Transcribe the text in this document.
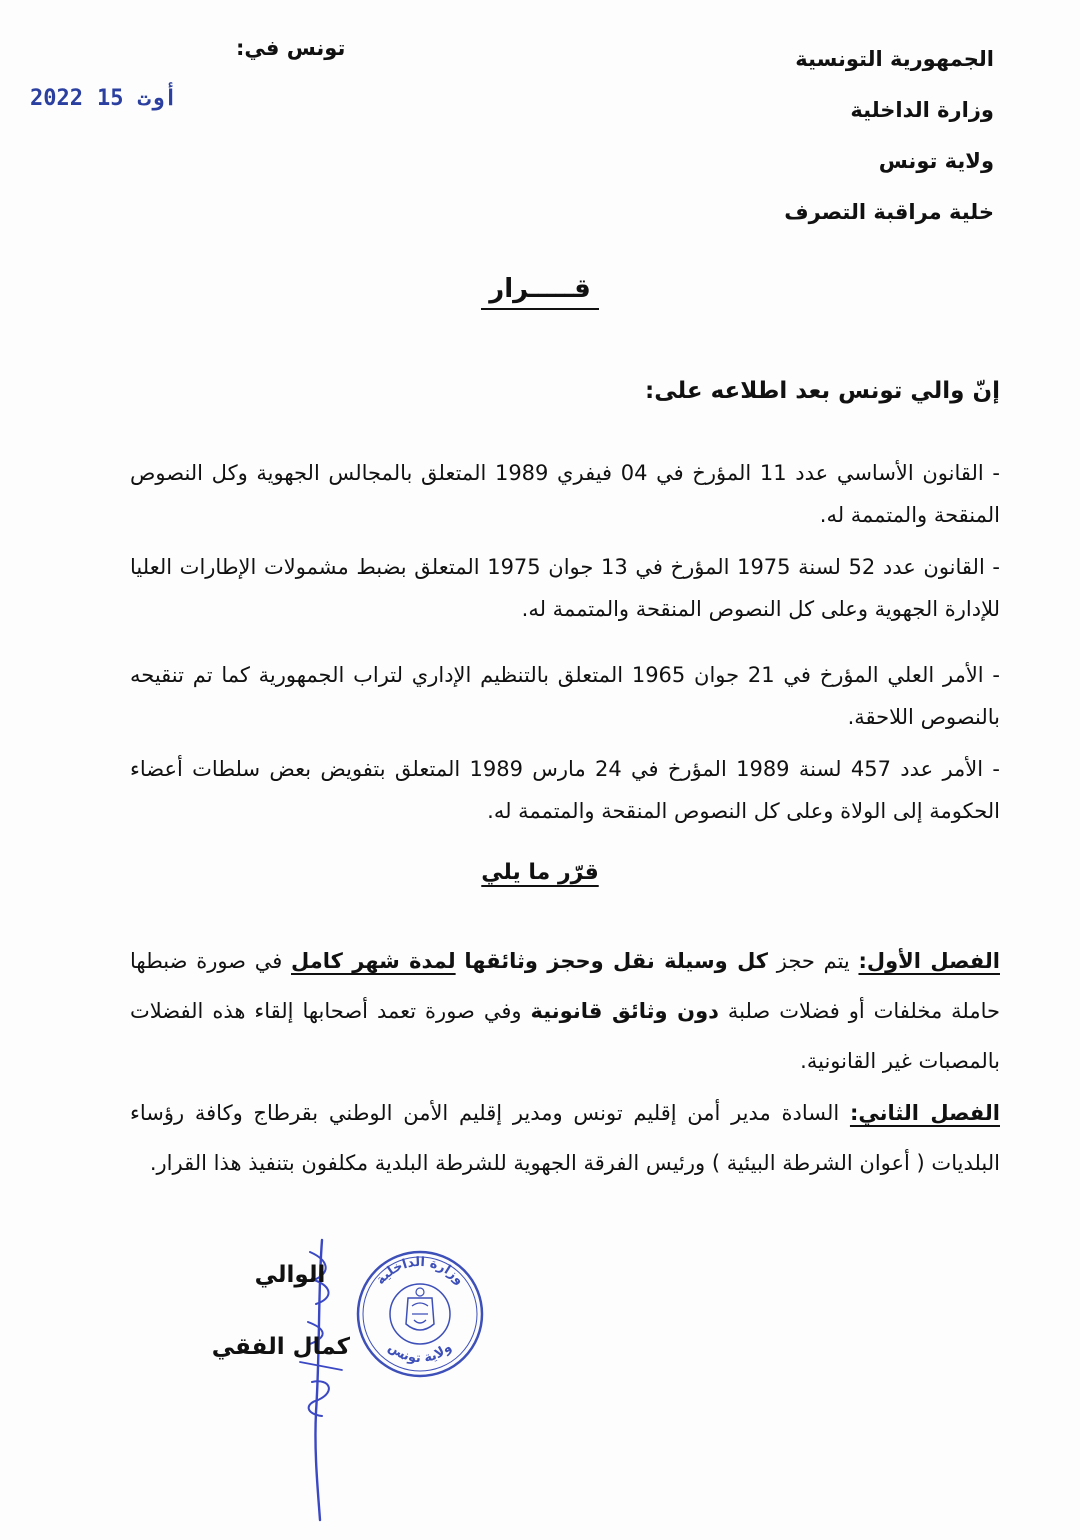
الجمهورية التونسية
وزارة الداخلية
ولاية تونس
خلية مراقبة التصرف
تونس في:
2022 أوت15
قـــــرار
إنّ والي تونس بعد اطلاعه على:

- القانون الأساسي عدد 11 المؤرخ في 04 فيفري 1989 المتعلق بالمجالس الجهوية وكل النصوص المنقحة والمتممة له.

- القانون عدد 52 لسنة 1975 المؤرخ في 13 جوان 1975 المتعلق بضبط مشمولات الإطارات العليا للإدارة الجهوية وعلى كل النصوص المنقحة والمتممة له.

- الأمر العلي المؤرخ في 21 جوان 1965 المتعلق بالتنظيم الإداري لتراب الجمهورية كما تم تنقيحه بالنصوص اللاحقة.

- الأمر عدد 457 لسنة 1989 المؤرخ في 24 مارس 1989 المتعلق بتفويض بعض سلطات أعضاء الحكومة إلى الولاة وعلى كل النصوص المنقحة والمتممة له.

قرّر ما يلي

الفصل الأول: يتم حجز كل وسيلة نقل وحجز وثائقها لمدة شهر كامل في صورة ضبطها حاملة مخلفات أو فضلات صلبة دون وثائق قانونية وفي صورة تعمد أصحابها إلقاء هذه الفضلات بالمصبات غير القانونية.

الفصل الثاني: السادة مدير أمن إقليم تونس ومدير إقليم الأمن الوطني بقرطاج وكافة رؤساء البلديات ( أعوان الشرطة البيئية ) ورئيس الفرقة الجهوية للشرطة البلدية مكلفون بتنفيذ هذا القرار.

وزارة الداخلية
ولاية تونس
الوالي
كمال الفقي
